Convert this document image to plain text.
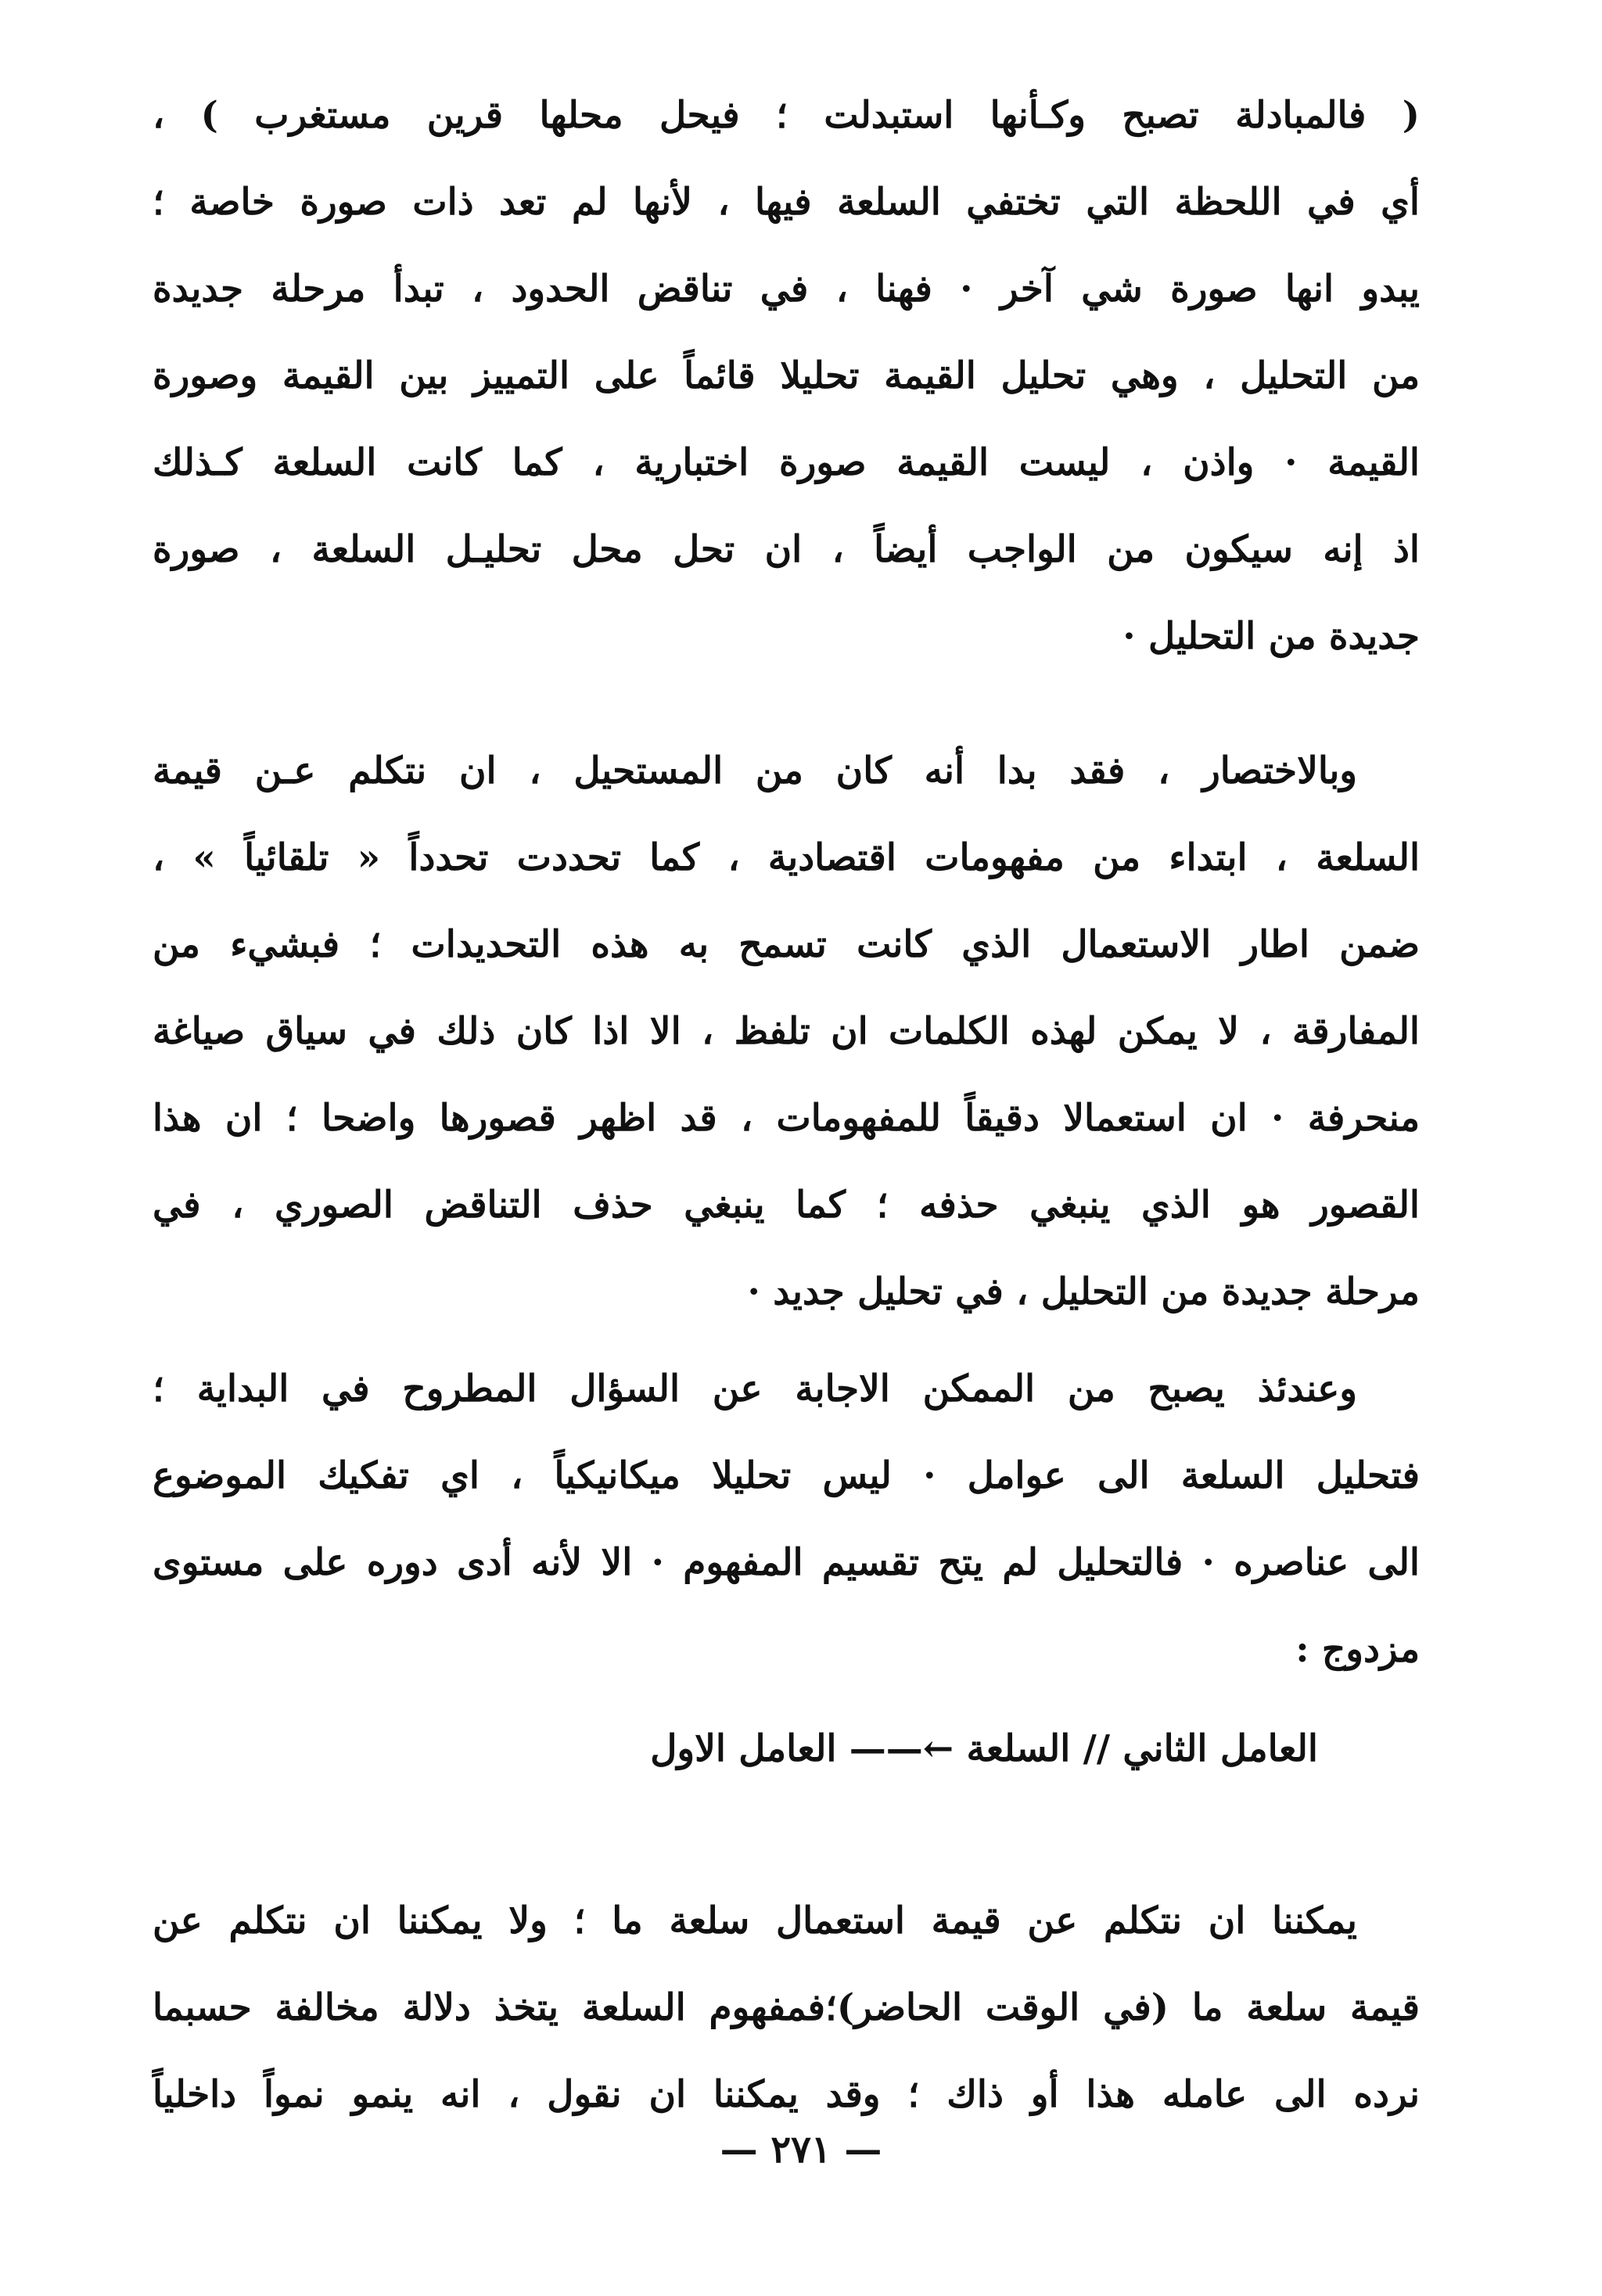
( فالمبادلة تصبح وكـأنها استبدلت ؛ فيحل محلها قرين مستغرب ) ،
أي في اللحظة التي تختفي السلعة فيها ، لأنها لم تعد ذات صورة خاصة ؛
يبدو انها صورة شي آخر · فهنا ، في تناقض الحدود ، تبدأ مرحلة جديدة
من التحليل ، وهي تحليل القيمة تحليلا قائماً على التمييز بين القيمة وصورة
القيمة · واذن ، ليست القيمة صورة اختبارية ، كما كانت السلعة كـذلك
اذ إنه سيكون من الواجب أيضاً ، ان تحل محل تحليـل السلعة ، صورة
جديدة من التحليل ·
وبالاختصار ، فقد بدا أنه كان من المستحيل ، ان نتكلم عـن قيمة
السلعة ، ابتداء من مفهومات اقتصادية ، كما تحددت تحدداً « تلقائياً » ،
ضمن اطار الاستعمال الذي كانت تسمح به هذه التحديدات ؛ فبشيء من
المفارقة ، لا يمكن لهذه الكلمات ان تلفظ ، الا اذا كان ذلك في سياق صياغة
منحرفة · ان استعمالا دقيقاً للمفهومات ، قد اظهر قصورها واضحا ؛ ان هذا
القصور هو الذي ينبغي حذفه ؛ كما ينبغي حذف التناقض الصوري ، في
مرحلة جديدة من التحليل ، في تحليل جديد ·
وعندئذ يصبح من الممكن الاجابة عن السؤال المطروح في البداية ؛
فتحليل السلعة الى عوامل · ليس تحليلا ميكانيكياً ، اي تفكيك الموضوع
الى عناصره · فالتحليل لم يتح تقسيم المفهوم · الا لأنه أدى دوره على مستوى
مزدوج :
العامل الثاني // السلعة ←—— العامل الاول
يمكننا ان نتكلم عن قيمة استعمال سلعة ما ؛ ولا يمكننا ان نتكلم عن
قيمة سلعة ما (في الوقت الحاضر)؛فمفهوم السلعة يتخذ دلالة مخالفة حسبما
نرده الى عامله هذا أو ذاك ؛ وقد يمكننا ان نقول ، انه ينمو نمواً داخلياً
— ٢٧١ —
